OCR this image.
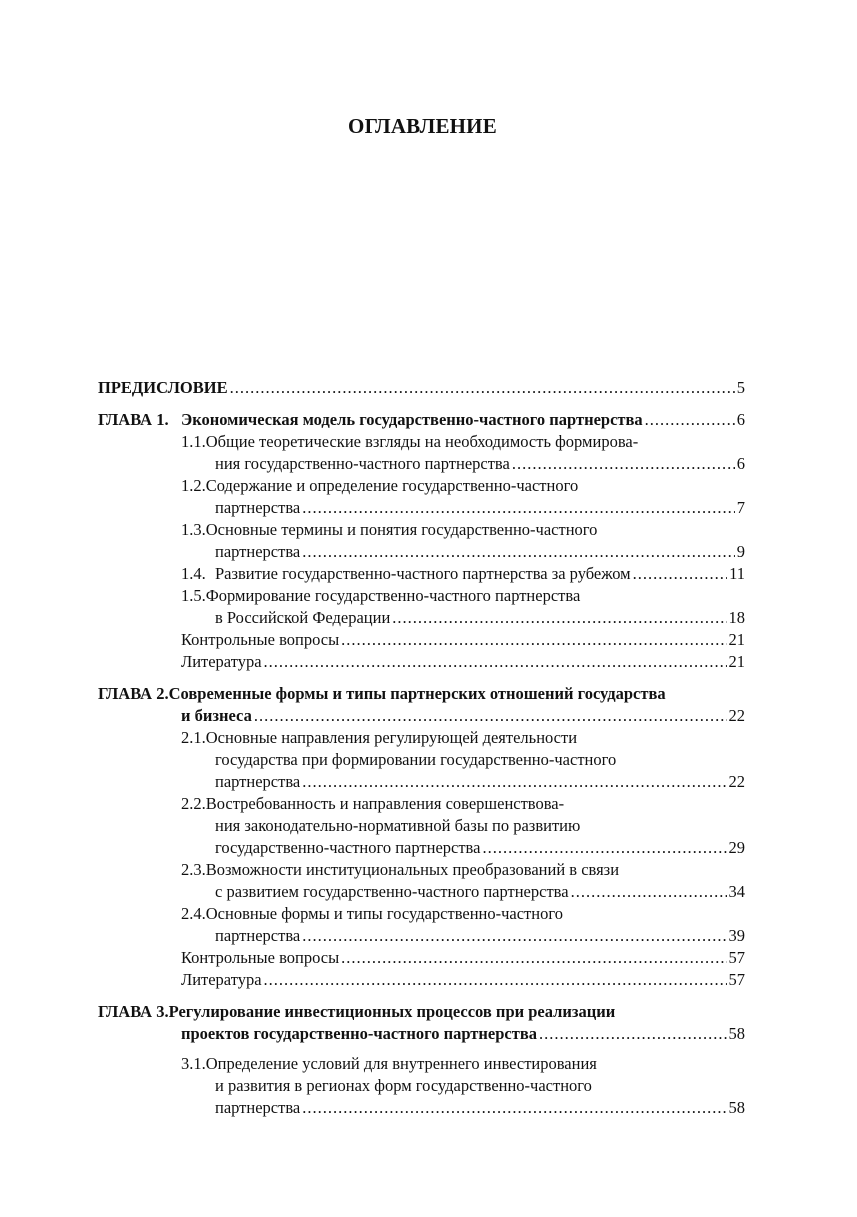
ОГЛАВЛЕНИЕ
ПРЕДИСЛОВИЕ .....	5
ГЛАВА 1. Экономическая модель государственно-частного партнерства .....	6
1.1.Общие теоретические взгляды на необходимость формирова-
ния государственно-частного партнерства .....	6
1.2.Содержание и определение государственно-частного
партнерства .....	7
1.3.Основные термины и понятия государственно-частного
партнерства .....	9
1.4. Развитие государственно-частного партнерства за рубежом .....	11
1.5.Формирование государственно-частного партнерства
в Российской Федерации .....	18
Контрольные вопросы .....	21
Литература .....	21
ГЛАВА 2.Современные формы и типы партнерских отношений государства
и бизнеса .....	22
2.1.Основные направления регулирующей деятельности
государства при формировании государственно-частного
партнерства .....	22
2.2.Востребованность и направления совершенствова-
ния законодательно-нормативной базы по развитию
государственно-частного партнерства .....	29
2.3.Возможности институциональных преобразований в связи
с развитием государственно-частного партнерства .....	34
2.4.Основные формы и типы государственно-частного
партнерства .....	39
Контрольные вопросы .....	57
Литература .....	57
ГЛАВА 3.Регулирование инвестиционных процессов при реализации
проектов государственно-частного партнерства .....	58
3.1.Определение условий для внутреннего инвестирования
и развития в регионах форм государственно-частного
партнерства .....	58
